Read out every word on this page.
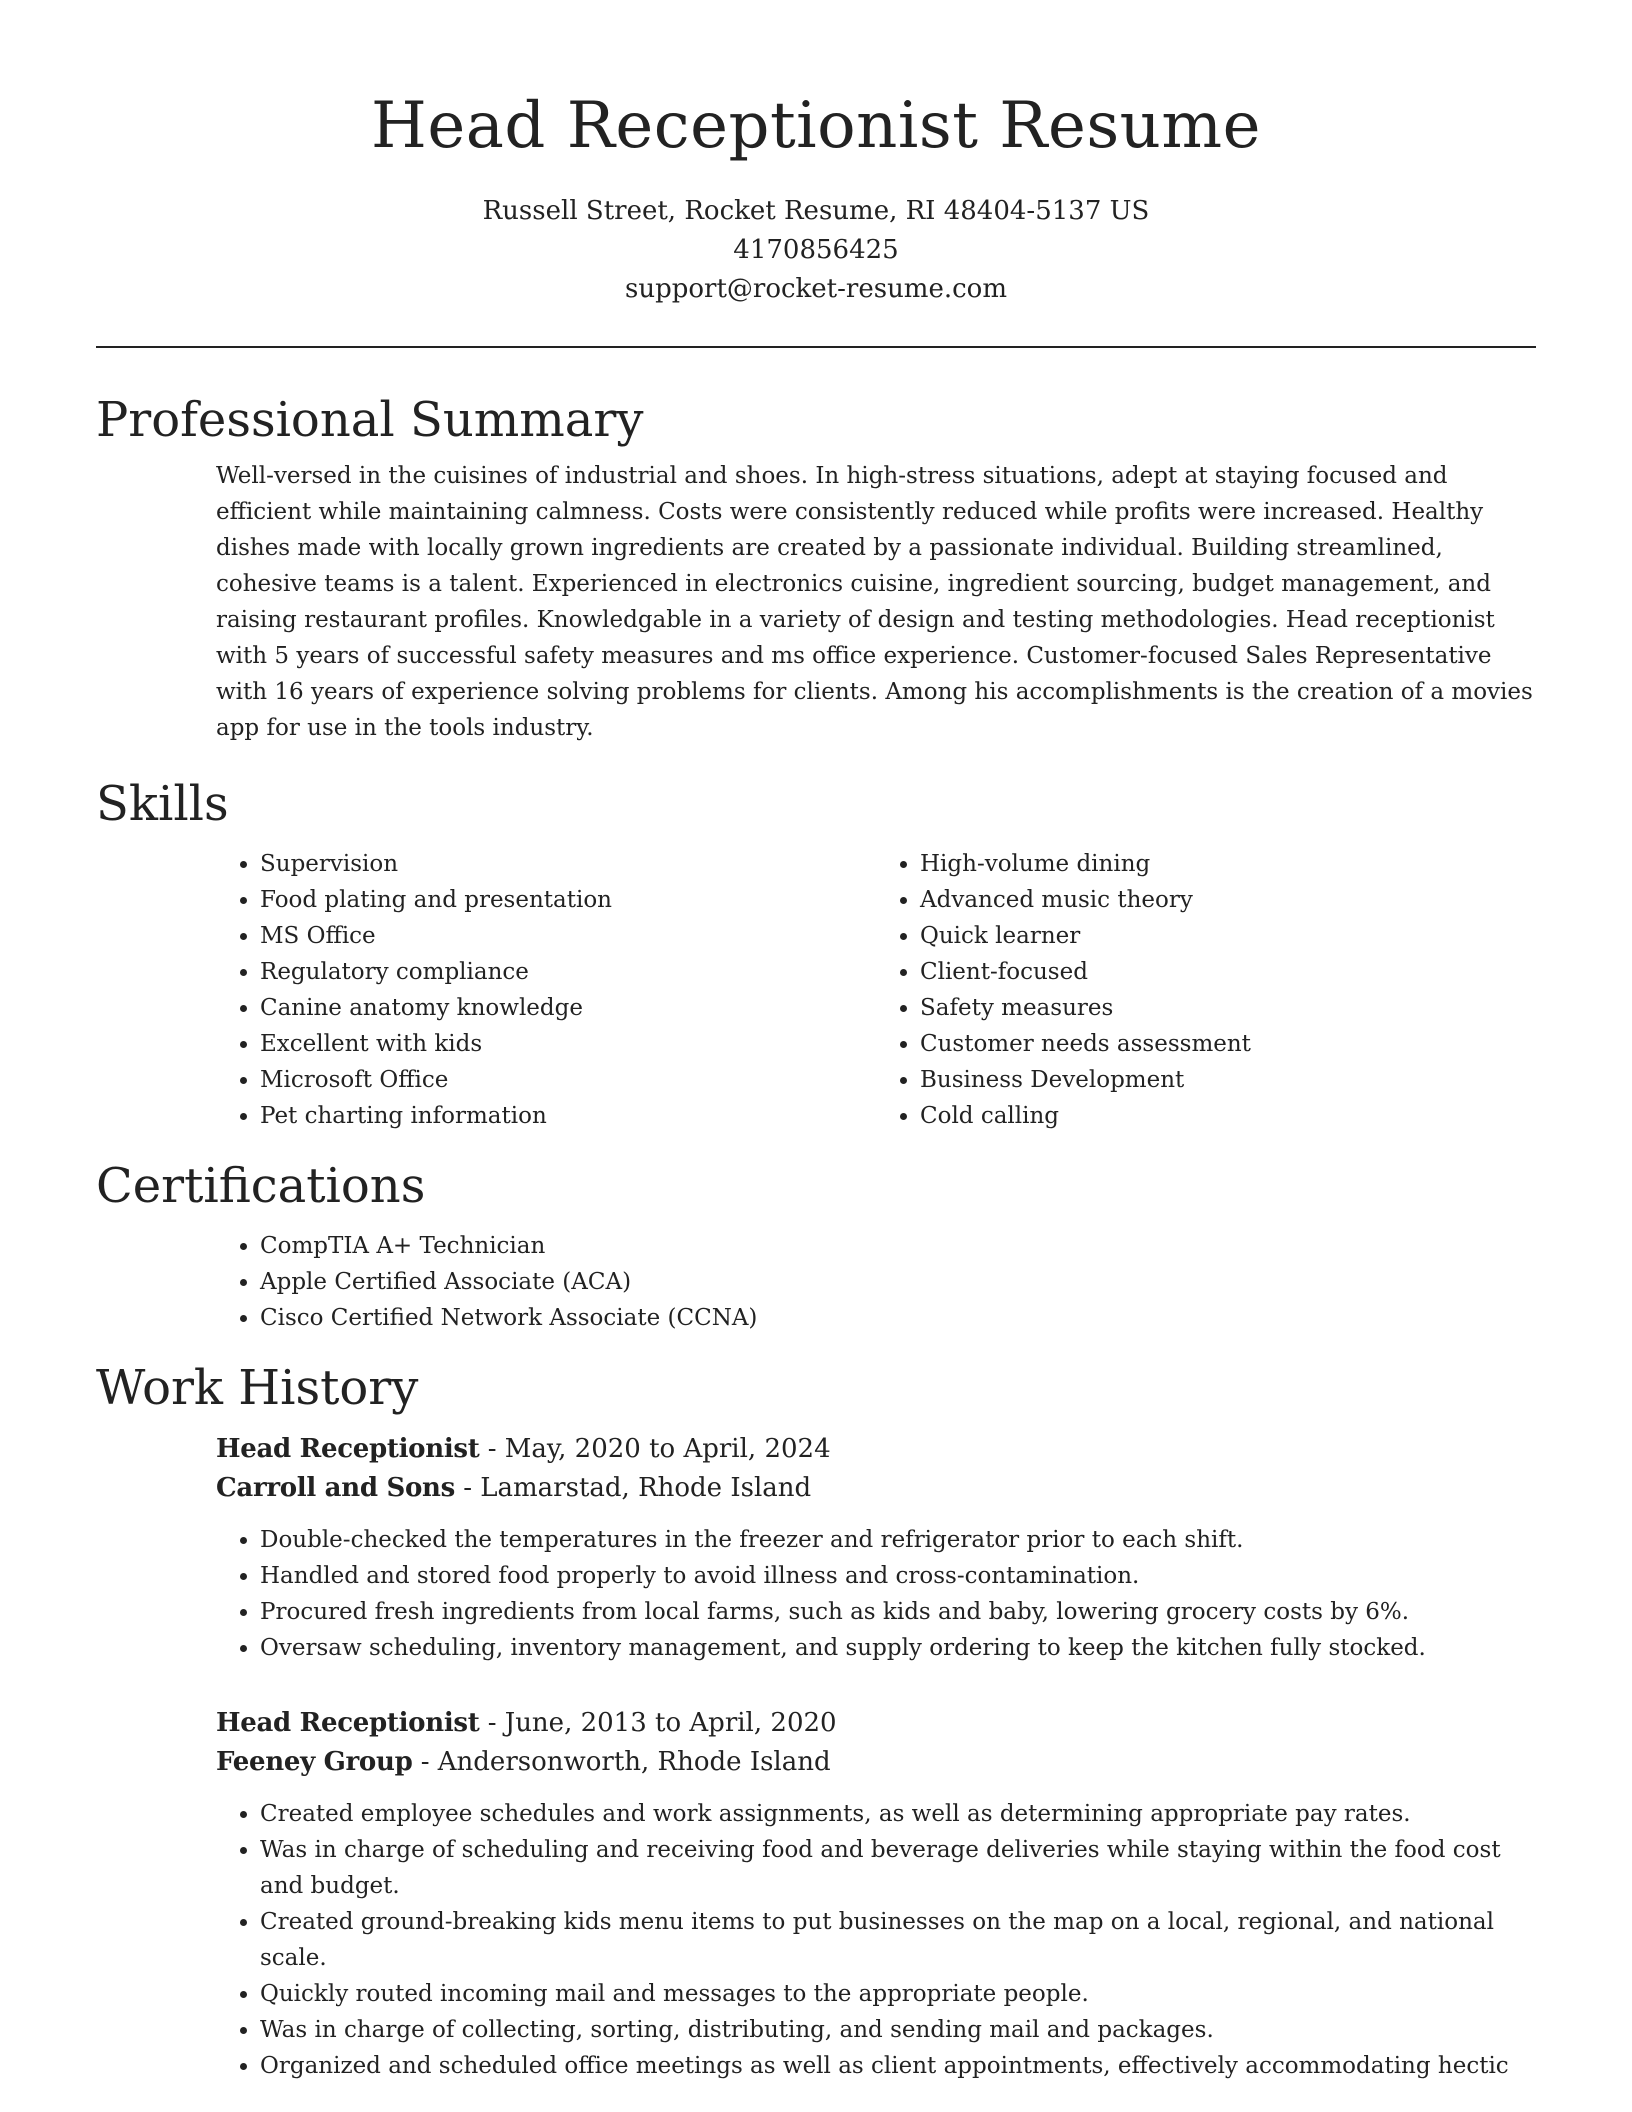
Head Receptionist Resume
Russell Street, Rocket Resume, RI 48404-5137 US
4170856425
support@rocket-resume.com
Professional Summary

Well-versed in the cuisines of industrial and shoes. In high-stress situations, adept at staying focused and efficient while maintaining calmness. Costs were consistently reduced while profits were increased. Healthy dishes made with locally grown ingredients are created by a passionate individual. Building streamlined, cohesive teams is a talent. Experienced in electronics cuisine, ingredient sourcing, budget management, and raising restaurant profiles. Knowledgable in a variety of design and testing methodologies. Head receptionist with 5 years of successful safety measures and ms office experience. Customer-focused Sales Representative with 16 years of experience solving problems for clients. Among his accomplishments is the creation of a movies app for use in the tools industry.

Skills
• Supervision
• Food plating and presentation
• MS Office
• Regulatory compliance
• Canine anatomy knowledge
• Excellent with kids
• Microsoft Office
• Pet charting information
• High-volume dining
• Advanced music theory
• Quick learner
• Client-focused
• Safety measures
• Customer needs assessment
• Business Development
• Cold calling
Certifications
• CompTIA A+ Technician
• Apple Certified Associate (ACA)
• Cisco Certified Network Associate (CCNA)
Work History
Head Receptionist - May, 2020 to April, 2024
Carroll and Sons - Lamarstad, Rhode Island
• Double-checked the temperatures in the freezer and refrigerator prior to each shift.
• Handled and stored food properly to avoid illness and cross-contamination.
• Procured fresh ingredients from local farms, such as kids and baby, lowering grocery costs by 6%.
• Oversaw scheduling, inventory management, and supply ordering to keep the kitchen fully stocked.
Head Receptionist - June, 2013 to April, 2020
Feeney Group - Andersonworth, Rhode Island
• Created employee schedules and work assignments, as well as determining appropriate pay rates.
• Was in charge of scheduling and receiving food and beverage deliveries while staying within the food cost and budget.
• Created ground-breaking kids menu items to put businesses on the map on a local, regional, and national scale.
• Quickly routed incoming mail and messages to the appropriate people.
• Was in charge of collecting, sorting, distributing, and sending mail and packages.
• Organized and scheduled office meetings as well as client appointments, effectively accommodating hectic
